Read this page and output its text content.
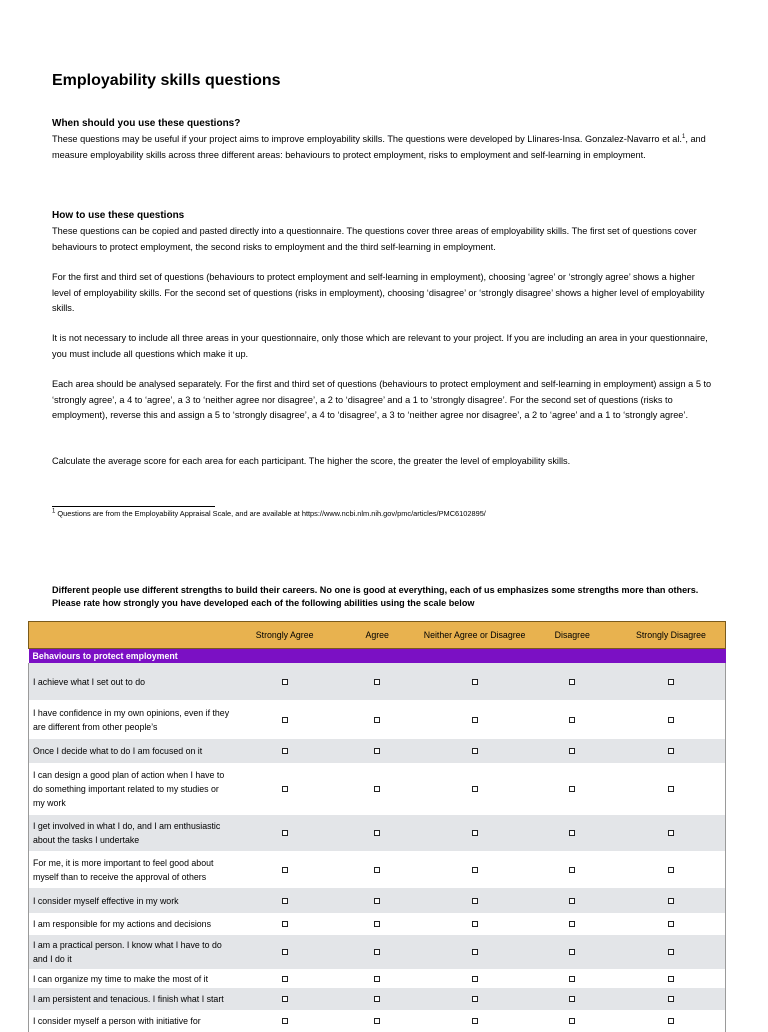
Employability skills questions
When should you use these questions?

These questions may be useful if your project aims to improve employability skills. The questions were developed by Llinares-Insa. Gonzalez-Navarro et al.$^1$, and measure employability skills across three different areas: behaviours to protect employment, risks to employment and self-learning in employment.

How to use these questions

These questions can be copied and pasted directly into a questionnaire. The questions cover three areas of employability skills. The first set of questions cover behaviours to protect employment, the second risks to employment and the third self-learning in employment.

For the first and third set of questions (behaviours to protect employment and self-learning in employment), choosing ‘agree’ or ‘strongly agree’ shows a higher level of employability skills. For the second set of questions (risks in employment), choosing ‘disagree’ or ‘strongly disagree’ shows a higher level of employability skills.

It is not necessary to include all three areas in your questionnaire, only those which are relevant to your project. If you are including an area in your questionnaire, you must include all questions which make it up.

Each area should be analysed separately. For the first and third set of questions (behaviours to protect employment and self-learning in employment) assign a 5 to ‘strongly agree’, a 4 to ‘agree’, a 3 to ‘neither agree nor disagree’, a 2 to ‘disagree’ and a 1 to ‘strongly disagree’. For the second set of questions (risks to employment), reverse this and assign a 5 to ‘strongly disagree’, a 4 to ‘disagree’, a 3 to ‘neither agree nor disagree’, a 2 to ‘agree’ and a 1 to ‘strongly agree’.

Calculate the average score for each area for each participant. The higher the score, the greater the level of employability skills.

$^1$ Questions are from the Employability Appraisal Scale, and are available at https://www.ncbi.nlm.nih.gov/pmc/articles/PMC6102895/

Different people use different strengths to build their careers. No one is good at everything, each of us emphasizes some strengths more than others.
Please rate how strongly you have developed each of the following abilities using the scale below

	Strongly Agree	Agree	Neither Agree or Disagree	Disagree	Strongly Disagree
Behaviours to protect employment					
I achieve what I set out to do					
I have confidence in my own opinions, even if they are different from other people’s					
Once I decide what to do I am focused on it					
I can design a good plan of action when I have to do something important related to my studies or my work					
I get involved in what I do, and I am enthusiastic about the tasks I undertake					
For me, it is more important to feel good about myself than to receive the approval of others					
I consider myself effective in my work					
I am responsible for my actions and decisions					
I am a practical person. I know what I have to do and I do it					
I can organize my time to make the most of it					
I am persistent and tenacious. I finish what I start					
I consider myself a person with initiative for					
